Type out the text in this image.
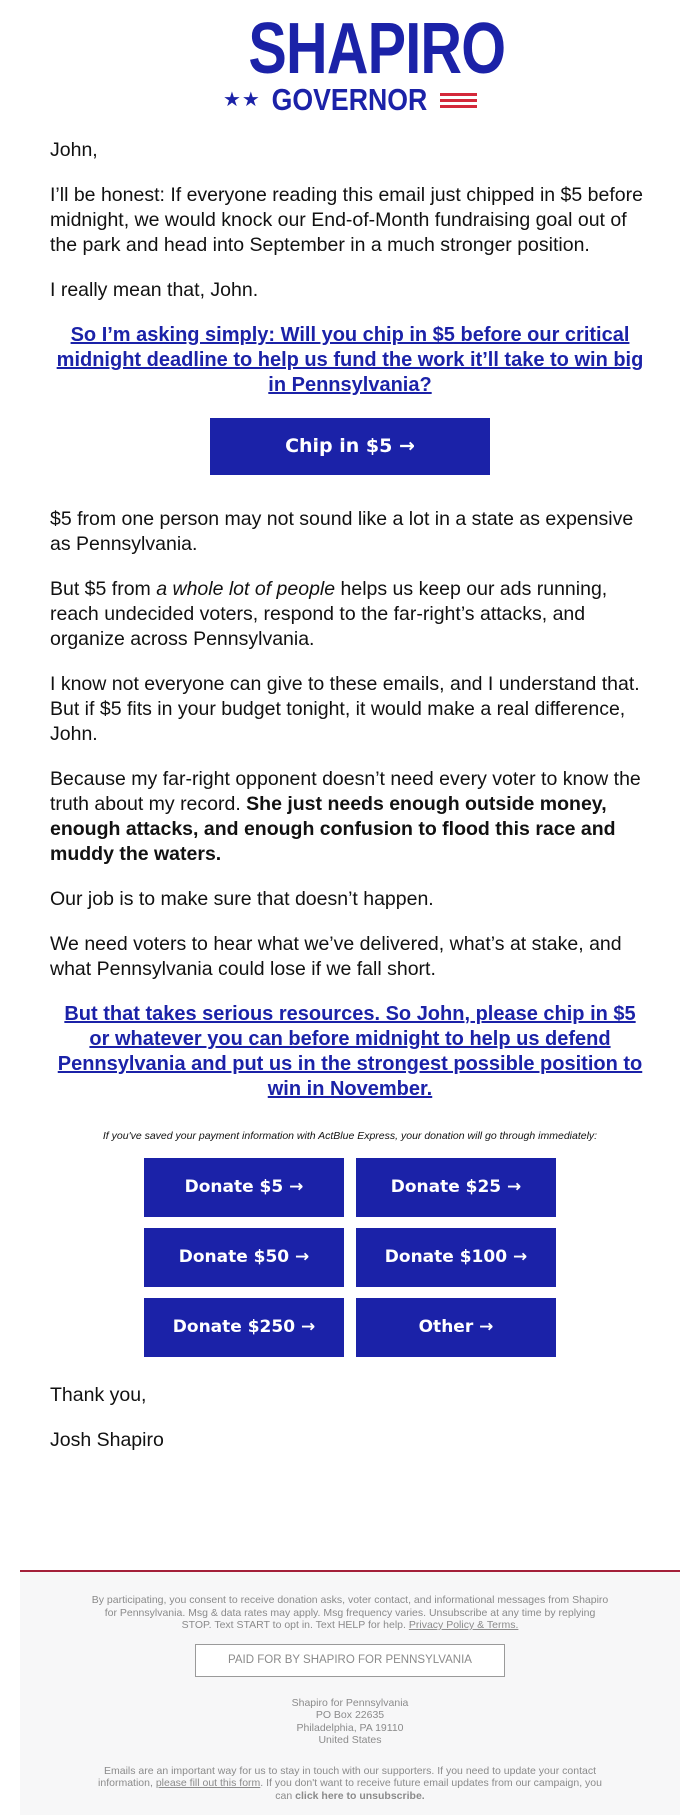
SHAPIRO
★★ GOVERNOR

John,

I’ll be honest: If everyone reading this email just chipped in $5 before midnight, we would knock our End-of-Month fundraising goal out of the park and head into September in a much stronger position.

I really mean that, John.

So I’m asking simply: Will you chip in $5 before our critical midnight deadline to help us fund the work it’ll take to win big in Pennsylvania?
Chip in $5 →

$5 from one person may not sound like a lot in a state as expensive as Pennsylvania.

But $5 from a whole lot of people helps us keep our ads running, reach undecided voters, respond to the far-right’s attacks, and organize across Pennsylvania.

I know not everyone can give to these emails, and I understand that. But if $5 fits in your budget tonight, it would make a real difference, John.

Because my far-right opponent doesn’t need every voter to know the truth about my record. She just needs enough outside money, enough attacks, and enough confusion to flood this race and muddy the waters.

Our job is to make sure that doesn’t happen.

We need voters to hear what we’ve delivered, what’s at stake, and what Pennsylvania could lose if we fall short.

But that takes serious resources. So John, please chip in $5 or whatever you can before midnight to help us defend Pennsylvania and put us in the strongest possible position to win in November.
If you've saved your payment information with ActBlue Express, your donation will go through immediately:
Donate $5 →	Donate $25 →
Donate $50 →	Donate $100 →
Donate $250 →	Other →

Thank you,

Josh Shapiro

By participating, you consent to receive donation asks, voter contact, and informational messages from Shapiro for Pennsylvania. Msg & data rates may apply. Msg frequency varies. Unsubscribe at any time by replying STOP. Text START to opt in. Text HELP for help. Privacy Policy & Terms.
PAID FOR BY SHAPIRO FOR PENNSYLVANIA
Shapiro for Pennsylvania
PO Box 22635
Philadelphia, PA 19110
United States
Emails are an important way for us to stay in touch with our supporters. If you need to update your contact information, please fill out this form. If you don't want to receive future email updates from our campaign, you can click here to unsubscribe.
